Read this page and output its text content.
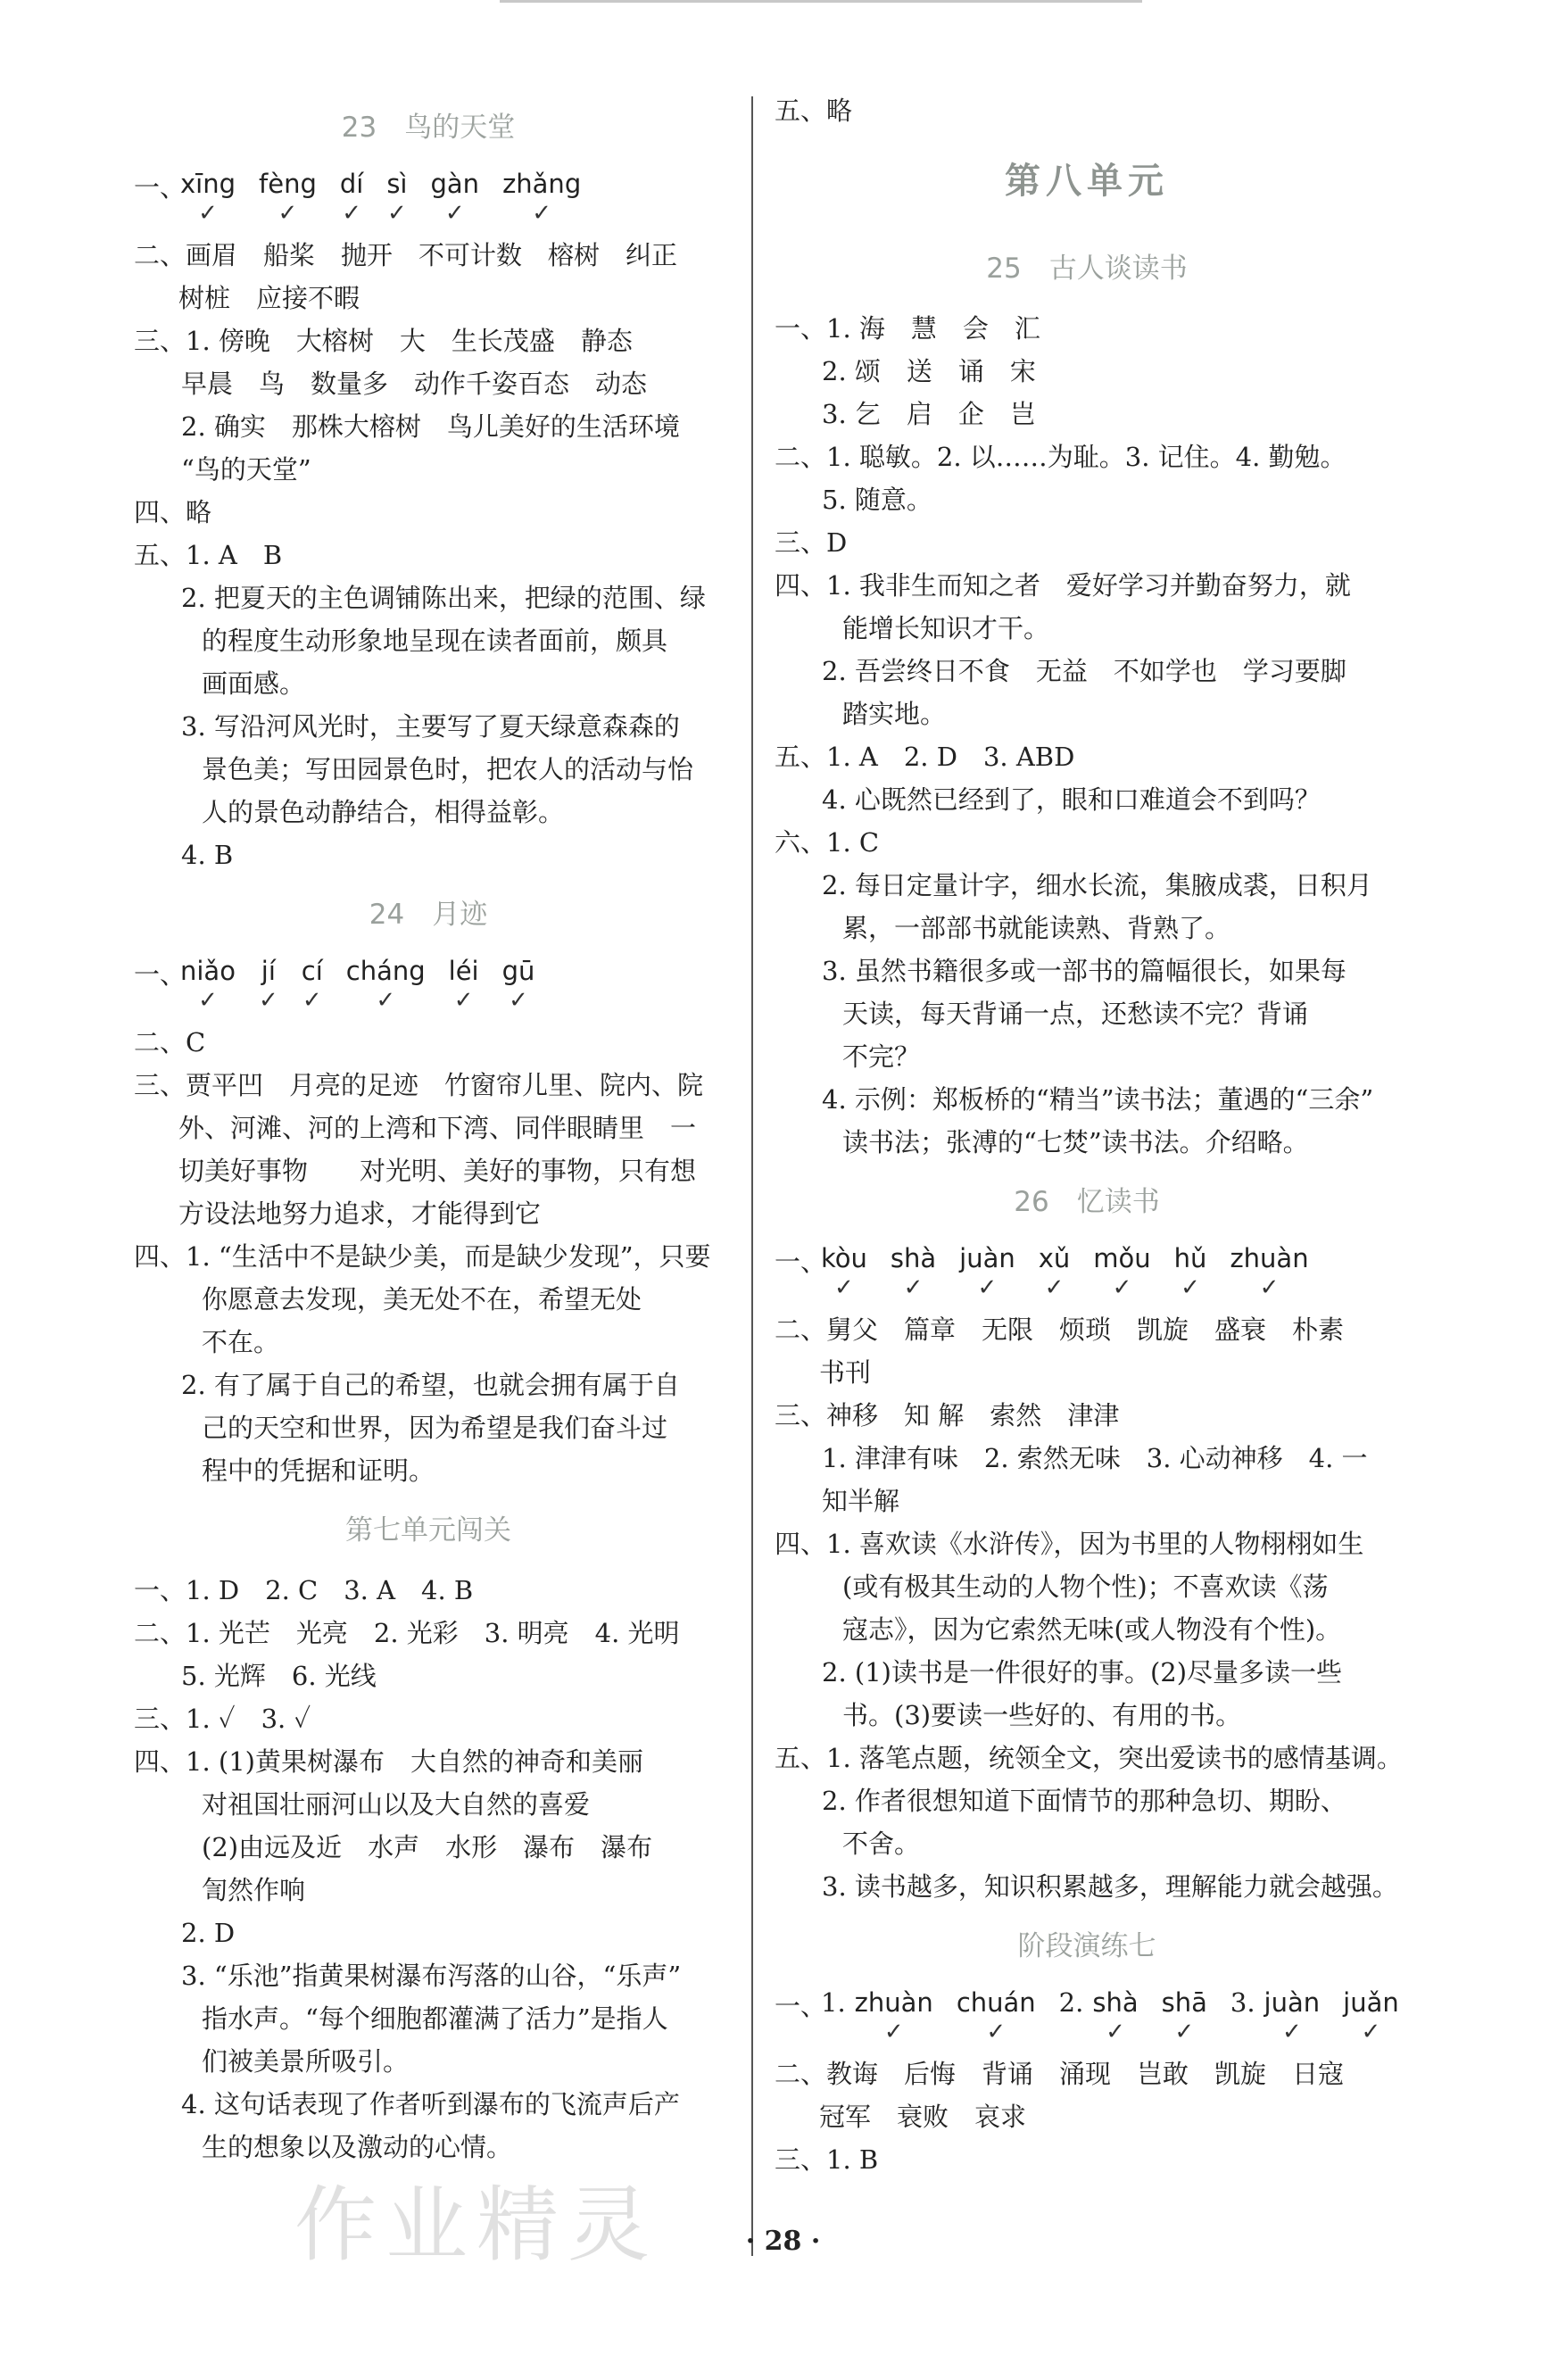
23　鸟的天堂
一、
xīng
✓
fèng
✓
dí
✓
sì
✓
gàn
✓
zhǎng
✓
二、画眉　船桨　抛开　不可计数　榕树　纠正
树桩　应接不暇
三、1. 傍晚　大榕树　大　生长茂盛　静态
早晨　鸟　数量多　动作千姿百态　动态
2. 确实　那株大榕树　鸟儿美好的生活环境
“鸟的天堂”
四、略
五、1. A　B
2. 把夏天的主色调铺陈出来，把绿的范围、绿
的程度生动形象地呈现在读者面前，颇具
画面感。
3. 写沿河风光时，主要写了夏天绿意森森的
景色美；写田园景色时，把农人的活动与怡
人的景色动静结合，相得益彰。
4. B
24　月迹
一、
niǎo
✓
jí
✓
cí
✓
cháng
✓
léi
✓
gū
✓
二、C
三、贾平凹　月亮的足迹　竹窗帘儿里、院内、院
外、河滩、河的上湾和下湾、同伴眼睛里　一
切美好事物　　对光明、美好的事物，只有想
方设法地努力追求，才能得到它
四、1. “生活中不是缺少美，而是缺少发现”，只要
你愿意去发现，美无处不在，希望无处
不在。
2. 有了属于自己的希望，也就会拥有属于自
己的天空和世界，因为希望是我们奋斗过
程中的凭据和证明。
第七单元闯关
一、1. D　2. C　3. A　4. B
二、1. 光芒　光亮　2. 光彩　3. 明亮　4. 光明
5. 光辉　6. 光线
三、1. ✓　3. ✓
四、1. (1)黄果树瀑布　大自然的神奇和美丽
对祖国壮丽河山以及大自然的喜爱
(2)由远及近　水声　水形　瀑布　瀑布
訇然作响
2. D
3. “乐池”指黄果树瀑布泻落的山谷，“乐声”
指水声。“每个细胞都灌满了活力”是指人
们被美景所吸引。
4. 这句话表现了作者听到瀑布的飞流声后产
生的想象以及激动的心情。
五、略
第八单元
25　古人谈读书
一、1. 海　慧　会　汇
2. 颂　送　诵　宋
3. 乞　启　企　岂
二、1. 聪敏。2. 以……为耻。3. 记住。4. 勤勉。
5. 随意。
三、D
四、1. 我非生而知之者　爱好学习并勤奋努力，就
能增长知识才干。
2. 吾尝终日不食　无益　不如学也　学习要脚
踏实地。
五、1. A　2. D　3. ABD
4. 心既然已经到了，眼和口难道会不到吗？
六、1. C
2. 每日定量计字，细水长流，集腋成裘，日积月
累，一部部书就能读熟、背熟了。
3. 虽然书籍很多或一部书的篇幅很长，如果每
天读，每天背诵一点，还愁读不完？背诵
不完？
4. 示例：郑板桥的“精当”读书法；董遇的“三余”
读书法；张溥的“七焚”读书法。介绍略。
26　忆读书
一、
kòu
✓
shà
✓
juàn
✓
xǔ
✓
mǒu
✓
hǔ
✓
zhuàn
✓
二、舅父　篇章　无限　烦琐　凯旋　盛衰　朴素
书刊
三、神移　知 解　索然　津津
1. 津津有味　2. 索然无味　3. 心动神移　4. 一
知半解
四、1. 喜欢读《水浒传》，因为书里的人物栩栩如生
(或有极其生动的人物个性)；不喜欢读《荡
寇志》，因为它索然无味(或人物没有个性)。
2. (1)读书是一件很好的事。(2)尽量多读一些
书。(3)要读一些好的、有用的书。
五、1. 落笔点题，统领全文，突出爱读书的感情基调。
2. 作者很想知道下面情节的那种急切、期盼、
不舍。
3. 读书越多，知识积累越多，理解能力就会越强。
阶段演练七
一、
1. zhuàn
✓
chuán
✓
2. shà
✓
shā
✓
3. juàn
✓
juǎn
✓
二、教诲　后悔　背诵　涌现　岂敢　凯旋　日寇
冠军　衰败　哀求
三、1. B
作业精灵	· 28 ·
